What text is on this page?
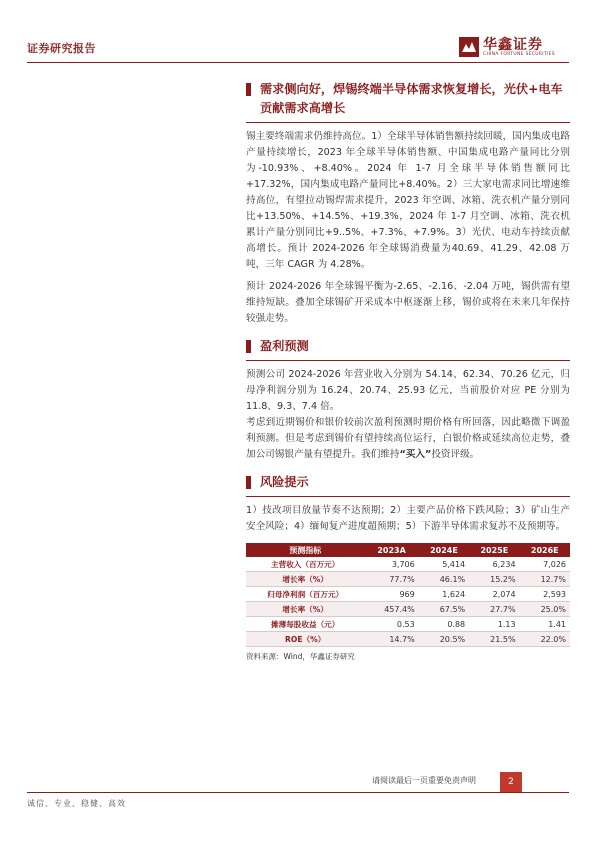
证券研究报告	华鑫证券
CHINA FORTUNE SECURITIES
需求侧向好，焊锡终端半导体需求恢复增长，光伏+电车贡献需求高增长

锡主要终端需求仍维持高位。1）全球半导体销售额持续回暖，国内集成电路产量持续增长，2023 年全球半导体销售额、中国集成电路产量同比分别为-10.93%、+8.40%。2024 年 1-7 月全球半导体销售额同比+17.32%，国内集成电路产量同比+8.40%。2）三大家电需求同比增速维持高位，有望拉动锡焊需求提升，2023 年空调、冰箱、洗衣机产量分别同比+13.50%、+14.5%、+19.3%，2024 年 1-7 月空调、冰箱、洗衣机累计产量分别同比+9..5%、+7.3%、+7.9%。3）光伏、电动车持续贡献高增长。预计 2024-2026 年全球锡消费量为40.69、41.29、42.08 万吨，三年 CAGR 为 4.28%。

预计 2024-2026 年全球锡平衡为-2.65、-2.16、-2.04 万吨，锡供需有望维持短缺。叠加全球锡矿开采成本中枢逐渐上移，锡价或将在未来几年保持较强走势。

盈利预测

预测公司 2024-2026 年营业收入分别为 54.14、62.34、70.26 亿元，归母净利润分别为 16.24、20.74、25.93 亿元，当前股价对应 PE 分别为 11.8、9.3、7.4 倍。

考虑到近期锡价和银价较前次盈利预测时期价格有所回落，因此略微下调盈利预测。但是考虑到锡价有望持续高位运行，白银价格或延续高位走势，叠加公司锡银产量有望提升。我们维持“买入”投资评级。

风险提示

1）技改项目放量节奏不达预期；2）主要产品价格下跌风险；3）矿山生产安全风险；4）缅甸复产进度超预期；5）下游半导体需求复苏不及预期等。

预测指标	2023A	2024E	2025E	2026E
主营收入（百万元）	3,706	5,414	6,234	7,026
增长率（%）	77.7%	46.1%	15.2%	12.7%
归母净利润（百万元）	969	1,624	2,074	2,593
增长率（%）	457.4%	67.5%	27.7%	25.0%
摊薄每股收益（元）	0.53	0.88	1.13	1.41
ROE（%）	14.7%	20.5%	21.5%	22.0%
资料来源：Wind，华鑫证券研究
请阅读最后一页重要免责声明	2
诚信、专业、稳健、高效
